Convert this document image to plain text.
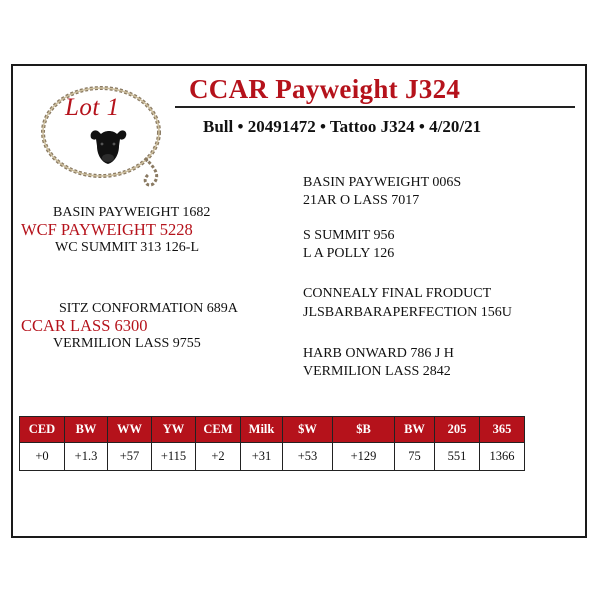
Lot 1
CCAR Payweight J324
Bull • 20491472 • Tattoo J324 • 4/20/21
BASIN PAYWEIGHT 1682
WCF PAYWEIGHT 5228
WC SUMMIT 313 126-L
SITZ CONFORMATION 689A
CCAR LASS 6300
VERMILION LASS 9755
BASIN PAYWEIGHT 006S
21AR O LASS 7017
S SUMMIT 956
L A POLLY 126
CONNEALY FINAL FRODUCT
JLSBARBARAPERFECTION 156U
HARB ONWARD 786 J H
VERMILION LASS 2842
CED	BW	WW	YW	CEM	Milk	$W	$B	BW	205	365
+0	+1.3	+57	+115	+2	+31	+53	+129	75	551	1366
